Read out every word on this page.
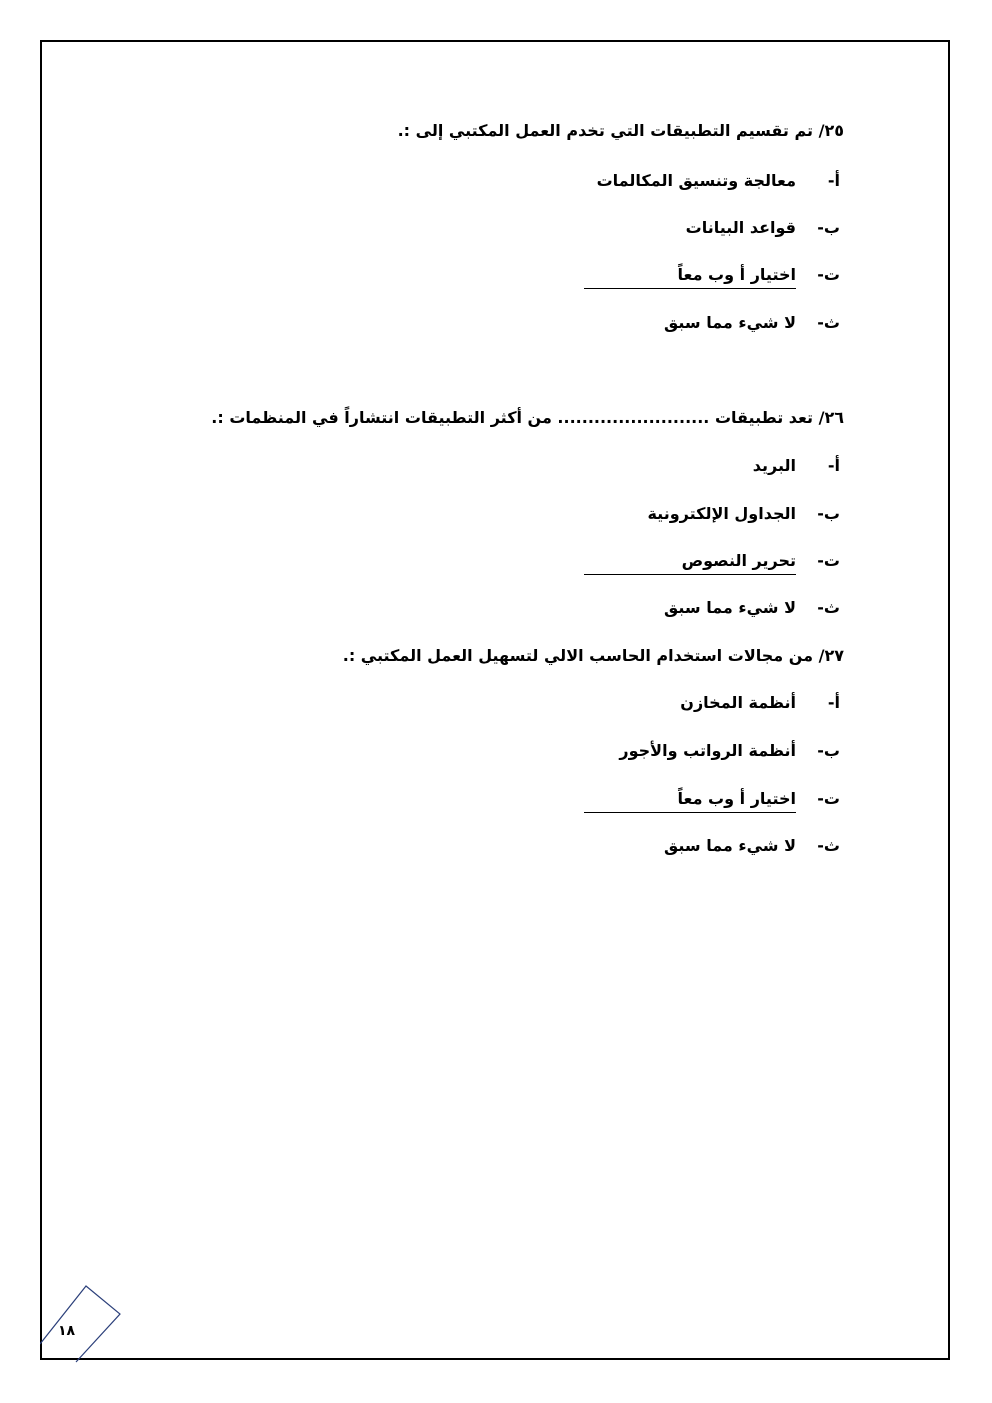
٢٥/ تم تقسيم التطبيقات التي تخدم العمل المكتبي إلى :.
معالجة وتنسيق المكالمات أ-
قواعد البيانات ب-
اختيار أ وب معاً ت-
لا شيء مما سبق ث-
٢٦/ تعد تطبيقات ......................... من أكثر التطبيقات انتشاراً في المنظمات :.
البريد أ-
الجداول الإلكترونية ب-
تحرير النصوص ت-
لا شيء مما سبق ث-
٢٧/ من مجالات استخدام الحاسب الالي لتسهيل العمل المكتبي :.
أنظمة المخازن أ-
أنظمة الرواتب والأجور ب-
اختيار أ وب معاً ت-
لا شيء مما سبق ث-
١٨
